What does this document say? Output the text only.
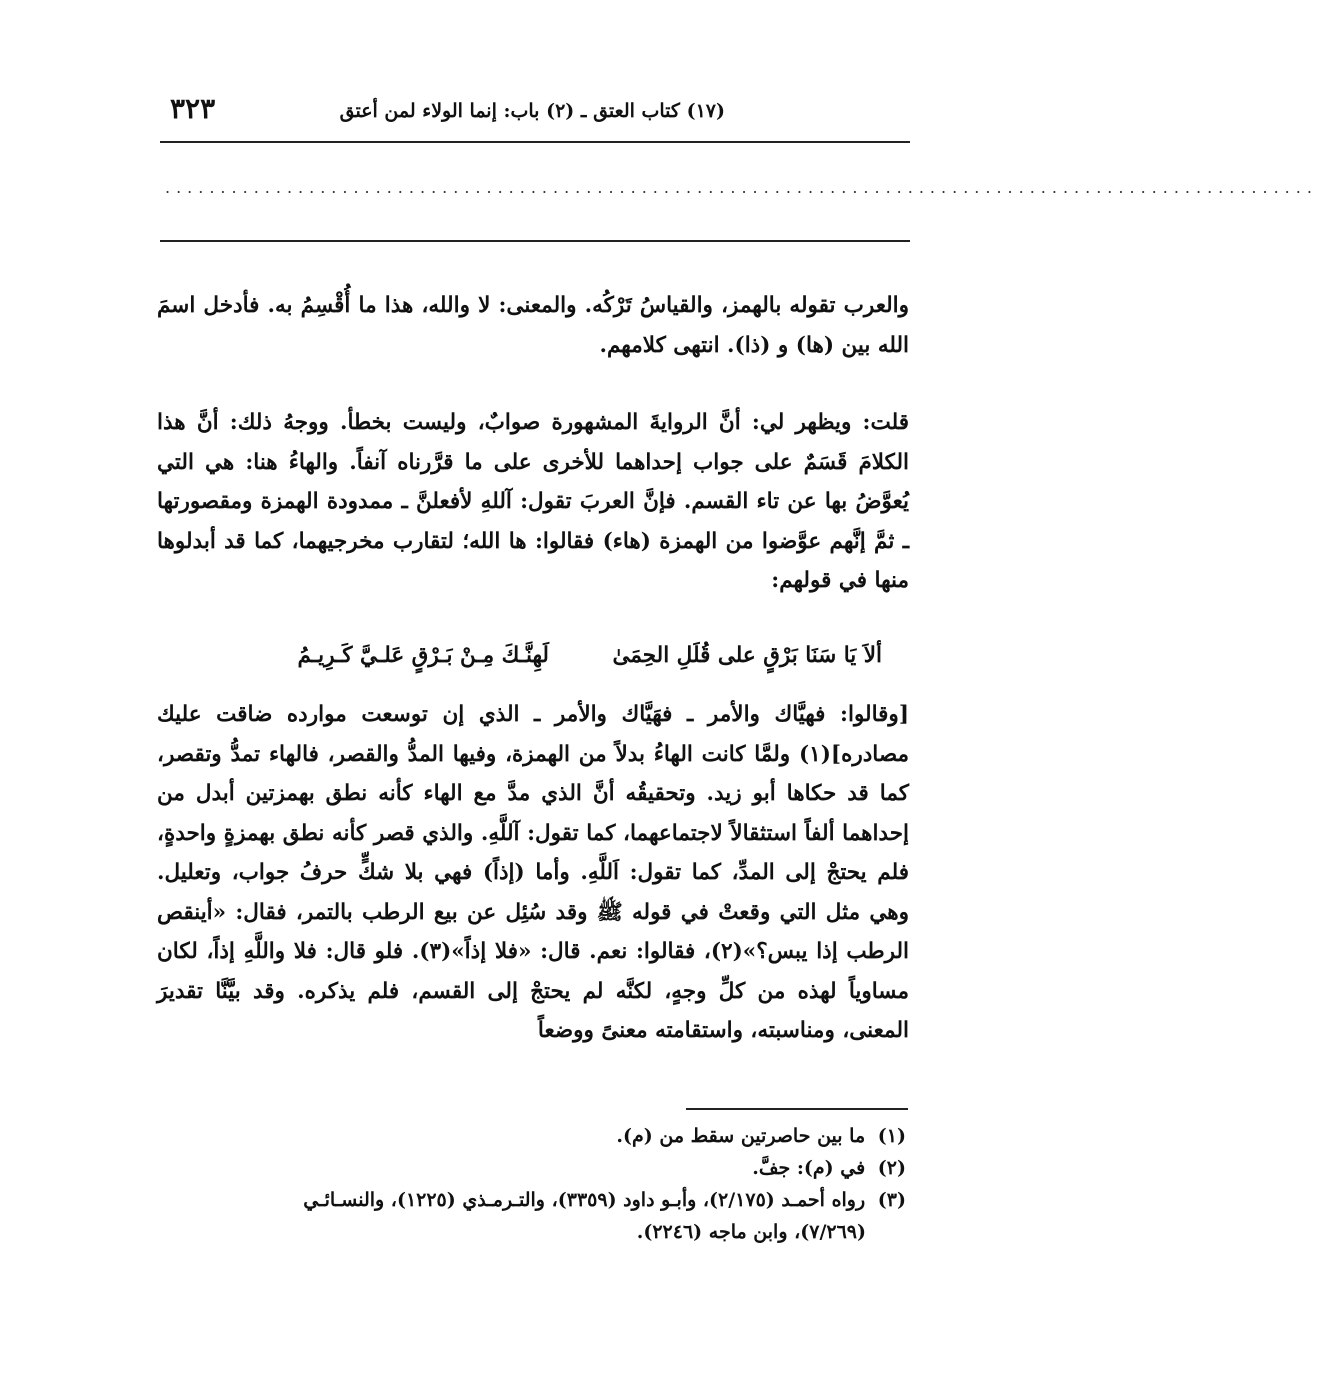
(١٧) كتاب العتق ـ (٢) باب: إنما الولاء لمن أعتق
٣٢٣
........................................................................................................

والعرب تقوله بالهمز، والقياسُ تَرْكُه. والمعنى: لا والله، هذا ما أُقْسِمُ به. فأدخل اسمَ الله بين (ها) و (ذا). انتهى كلامهم.

قلت: ويظهر لي: أنَّ الروايةَ المشهورة صوابٌ، وليست بخطأ. ووجهُ ذلك: أنَّ هذا الكلامَ قَسَمٌ على جواب إحداهما للأخرى على ما قرَّرناه آنفاً. والهاءُ هنا: هي التي يُعوَّضُ بها عن تاء القسم. فإنَّ العربَ تقول: آللهِ لأفعلنَّ ـ ممدودة الهمزة ومقصورتها ـ ثمَّ إنَّهم عوَّضوا من الهمزة (هاء) فقالوا: ها الله؛ لتقارب مخرجيهما، كما قد أبدلوها منها في قولهم:

ألاَ يَا سَنَا بَرْقٍ على قُلَلِ الحِمَىٰ
لَهِنَّـكَ مِـنْ بَـرْقٍ عَلـيَّ كَـرِيـمُ

[وقالوا: فهيَّاك والأمر ـ فهَيَّاك والأمر ـ الذي إن توسعت موارده ضاقت عليك مصادره](١) ولمَّا كانت الهاءُ بدلاً من الهمزة، وفيها المدُّ والقصر، فالهاء تمدُّ وتقصر، كما قد حكاها أبو زيد. وتحقيقُه أنَّ الذي مدَّ مع الهاء كأنه نطق بهمزتين أبدل من إحداهما ألفاً استثقالاً لاجتماعهما، كما تقول: آللَّهِ. والذي قصر كأنه نطق بهمزةٍ واحدةٍ، فلم يحتجْ إلى المدِّ، كما تقول: اَللَّهِ. وأما (إذاً) فهي بلا شكٍّ حرفُ جواب، وتعليل. وهي مثل التي وقعتْ في قوله ﷺ وقد سُئِل عن بيع الرطب بالتمر، فقال: «أينقص الرطب إذا يبس؟»(٢)، فقالوا: نعم. قال: «فلا إذاً»(٣). فلو قال: فلا واللَّهِ إذاً، لكان مساوياً لهذه من كلِّ وجهٍ، لكنَّه لم يحتجْ إلى القسم، فلم يذكره. وقد بيَّنَّا تقديرَ المعنى، ومناسبته، واستقامته معنىً ووضعاً

(١) ما بين حاصرتين سقط من (م).

(٢) في (م): جفَّ.

(٣) رواه أحمـد (٢/١٧٥)، وأبـو داود (٣٣٥٩)، والتـرمـذي (١٢٢٥)، والنسـائـي

(٧/٢٦٩)، وابن ماجه (٢٢٤٦).
